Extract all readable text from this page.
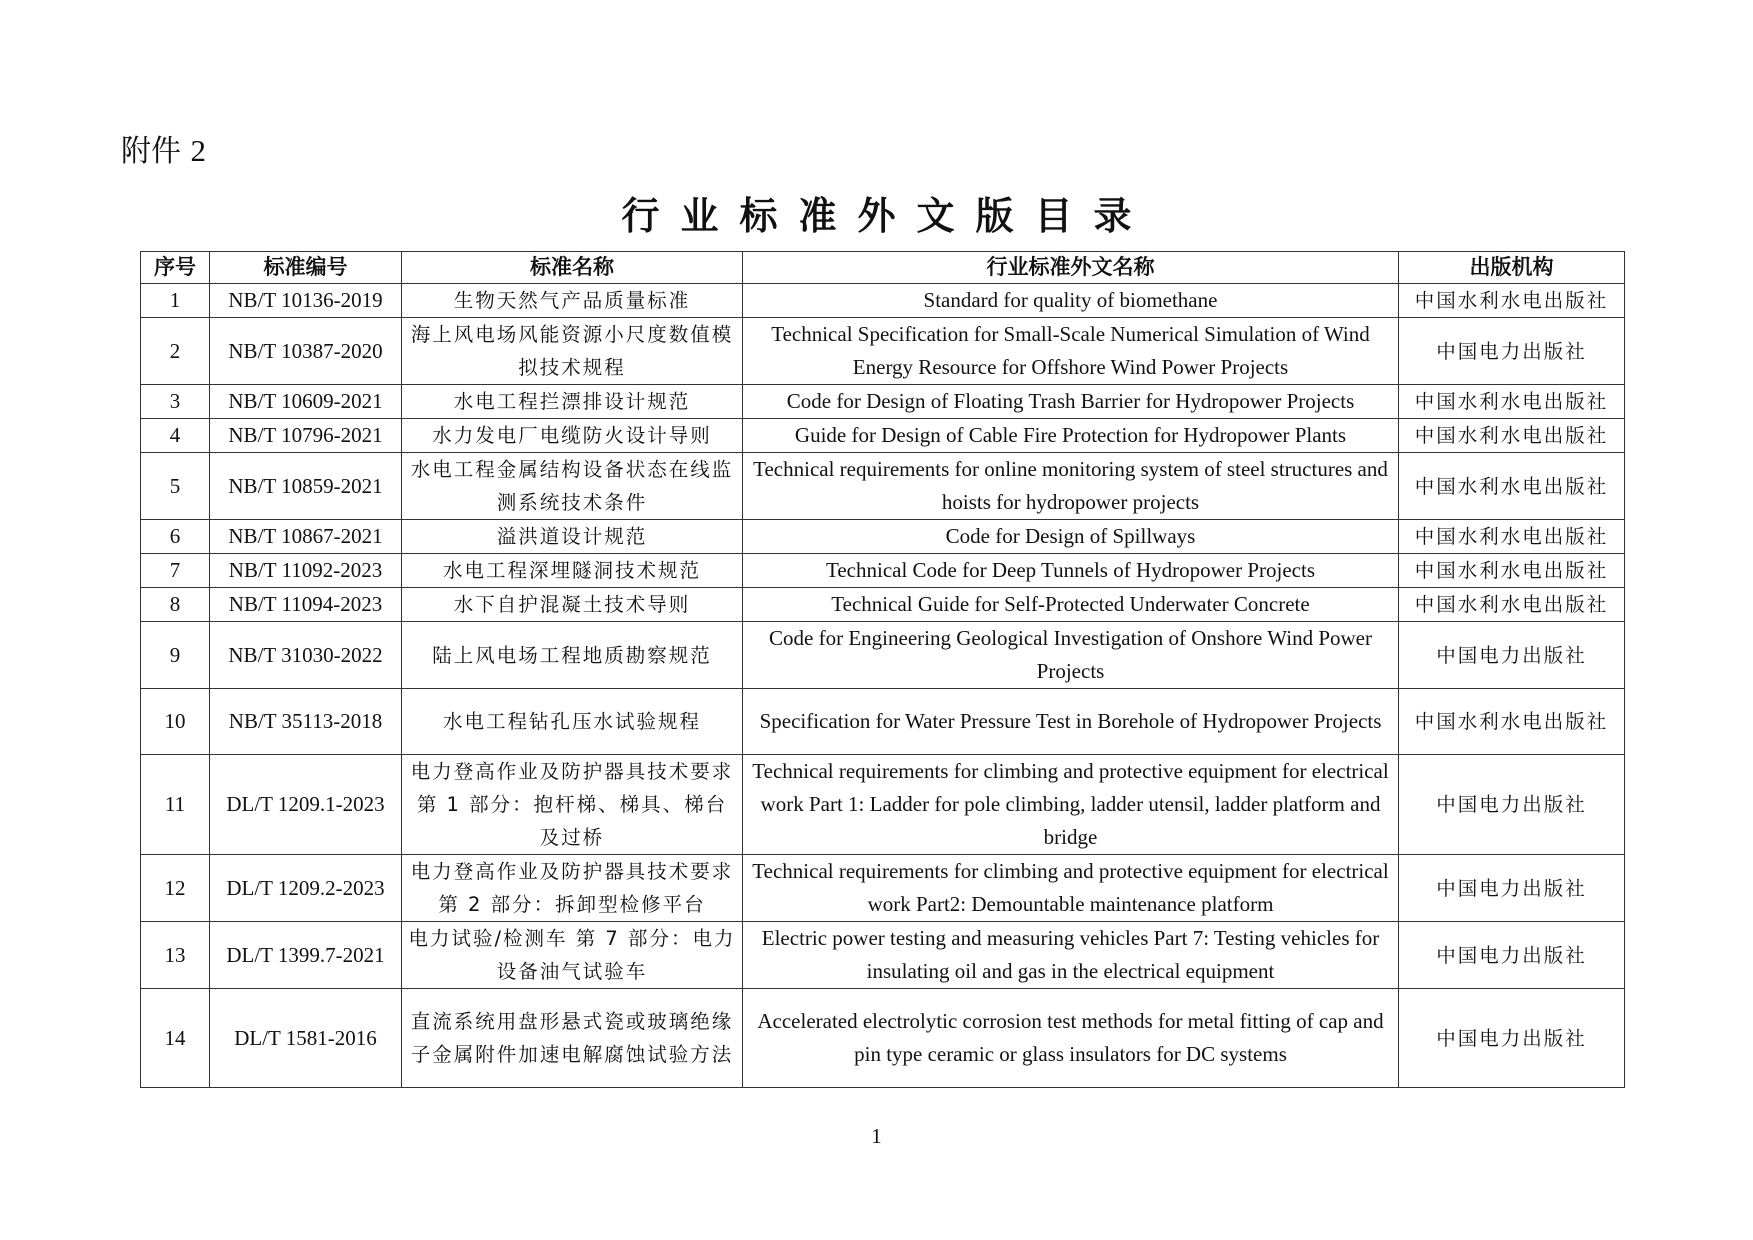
附件 2
行业标准外文版目录
序号	标准编号	标准名称	行业标准外文名称	出版机构
1	NB/T 10136-2019	生物天然气产品质量标准	Standard for quality of biomethane	中国水利水电出版社
2	NB/T 10387-2020	海上风电场风能资源小尺度数值模拟技术规程	Technical Specification for Small-Scale Numerical Simulation of Wind Energy Resource for Offshore Wind Power Projects	中国电力出版社
3	NB/T 10609-2021	水电工程拦漂排设计规范	Code for Design of Floating Trash Barrier for Hydropower Projects	中国水利水电出版社
4	NB/T 10796-2021	水力发电厂电缆防火设计导则	Guide for Design of Cable Fire Protection for Hydropower Plants	中国水利水电出版社
5	NB/T 10859-2021	水电工程金属结构设备状态在线监测系统技术条件	Technical requirements for online monitoring system of steel structures and hoists for hydropower projects	中国水利水电出版社
6	NB/T 10867-2021	溢洪道设计规范	Code for Design of Spillways	中国水利水电出版社
7	NB/T 11092-2023	水电工程深埋隧洞技术规范	Technical Code for Deep Tunnels of Hydropower Projects	中国水利水电出版社
8	NB/T 11094-2023	水下自护混凝土技术导则	Technical Guide for Self-Protected Underwater Concrete	中国水利水电出版社
9	NB/T 31030-2022	陆上风电场工程地质勘察规范	Code for Engineering Geological Investigation of Onshore Wind Power Projects	中国电力出版社
10	NB/T 35113-2018	水电工程钻孔压水试验规程	Specification for Water Pressure Test in Borehole of Hydropower Projects	中国水利水电出版社
11	DL/T 1209.1-2023	电力登高作业及防护器具技术要求 第 1 部分：抱杆梯、梯具、梯台及过桥	Technical requirements for climbing and protective equipment for electrical work Part 1: Ladder for pole climbing, ladder utensil, ladder platform and bridge	中国电力出版社
12	DL/T 1209.2-2023	电力登高作业及防护器具技术要求 第 2 部分：拆卸型检修平台	Technical requirements for climbing and protective equipment for electrical work Part2: Demountable maintenance platform	中国电力出版社
13	DL/T 1399.7-2021	电力试验/检测车 第 7 部分：电力设备油气试验车	Electric power testing and measuring vehicles Part 7: Testing vehicles for insulating oil and gas in the electrical equipment	中国电力出版社
14	DL/T 1581-2016	直流系统用盘形悬式瓷或玻璃绝缘子金属附件加速电解腐蚀试验方法	Accelerated electrolytic corrosion test methods for metal fitting of cap and pin type ceramic or glass insulators for DC systems	中国电力出版社
1
